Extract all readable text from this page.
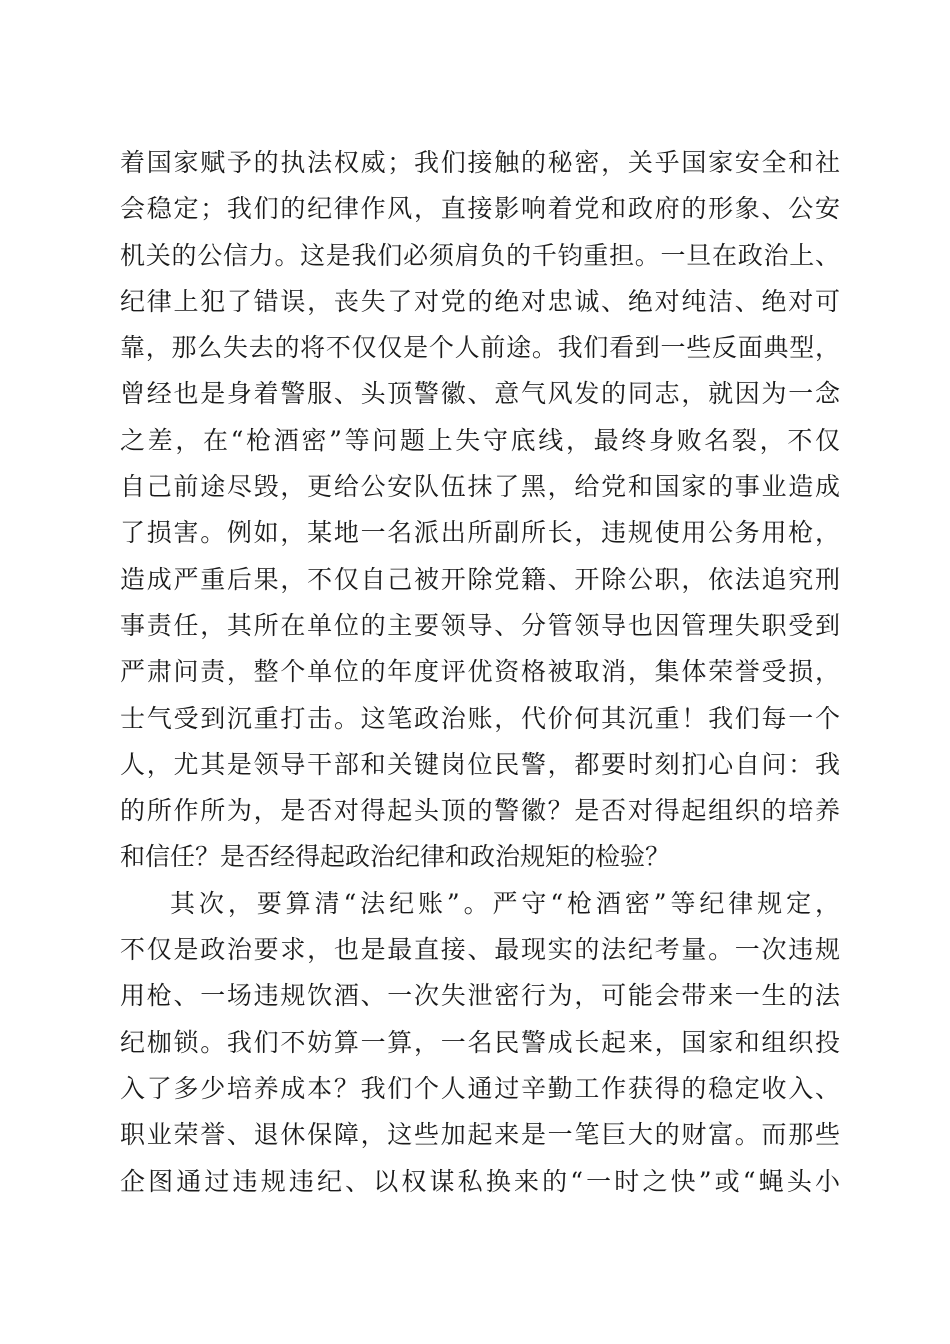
着国家赋予的执法权威；我们接触的秘密，关乎国家安全和社
会稳定；我们的纪律作风，直接影响着党和政府的形象、公安
机关的公信力。这是我们必须肩负的千钧重担。一旦在政治上、
纪律上犯了错误，丧失了对党的绝对忠诚、绝对纯洁、绝对可
靠，那么失去的将不仅仅是个人前途。我们看到一些反面典型，
曾经也是身着警服、头顶警徽、意气风发的同志，就因为一念
之差，在“枪酒密”等问题上失守底线，最终身败名裂，不仅
自己前途尽毁，更给公安队伍抹了黑，给党和国家的事业造成
了损害。例如，某地一名派出所副所长，违规使用公务用枪，
造成严重后果，不仅自己被开除党籍、开除公职，依法追究刑
事责任，其所在单位的主要领导、分管领导也因管理失职受到
严肃问责，整个单位的年度评优资格被取消，集体荣誉受损，
士气受到沉重打击。这笔政治账，代价何其沉重！我们每一个
人，尤其是领导干部和关键岗位民警，都要时刻扪心自问：我
的所作所为，是否对得起头顶的警徽？是否对得起组织的培养
和信任？是否经得起政治纪律和政治规矩的检验？
其次，要算清“法纪账”。严守“枪酒密”等纪律规定，
不仅是政治要求，也是最直接、最现实的法纪考量。一次违规
用枪、一场违规饮酒、一次失泄密行为，可能会带来一生的法
纪枷锁。我们不妨算一算，一名民警成长起来，国家和组织投
入了多少培养成本？我们个人通过辛勤工作获得的稳定收入、
职业荣誉、退休保障，这些加起来是一笔巨大的财富。而那些
企图通过违规违纪、以权谋私换来的“一时之快”或“蝇头小
